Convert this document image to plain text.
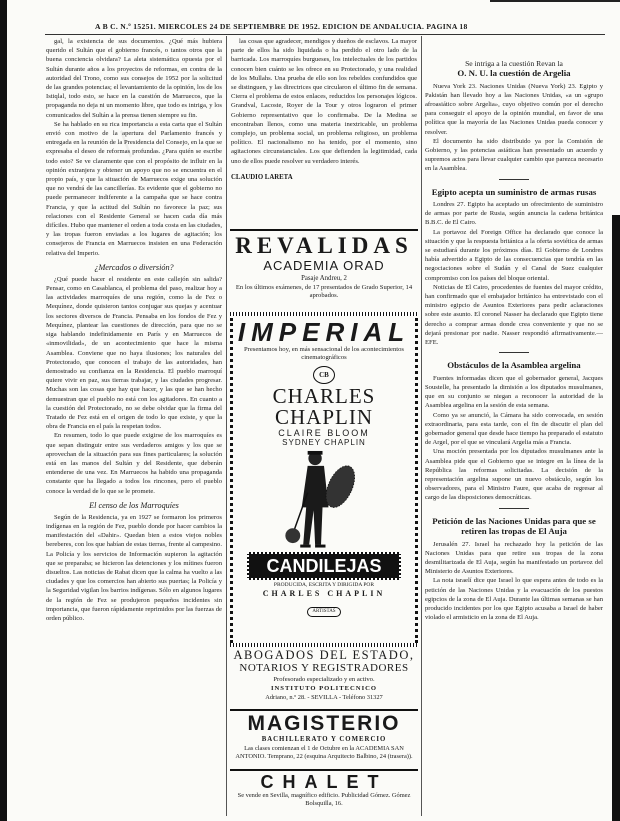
/
A B C. N.º 15251. MIERCOLES 24 DE SEPTIEMBRE DE 1952. EDICION DE ANDALUCIA. PAGINA 18

gal, la existencia de sus documentos. ¿Qué más hubiera querido el Sultán que el gobierno francés, o tantos otros que la buena conciencia olvidara? La aleta sistemática opuesta por el Sultán durante años a los proyectos de reformas, en contra de la autoridad del Trono, como sus consejos de 1952 por la solicitud de las grandes potencias; el levantamiento de la opinión, los de los Istiqlal, todo esto, se hace en la cuestión de Marruecos, que la propaganda no deja ni un momento libre, que todo es intriga, y los comunicados del Sultán a la prensa tienen siempre su fin.

Se ha hablado en su rica importancia a esta carta que el Sultán envió con motivo de la apertura del Parlamento francés y entregada en la reunión de la Presidencia del Consejo, en la que se expresaba el deseo de reformas profundas. ¿Para quién se escribe todo esto? Se ve claramente que con el propósito de influir en la opinión extranjera y obtener un apoyo que no se encuentra en el propio país, y que la situación de Marruecos exige una solución que no vendrá de las cancillerías. Es evidente que el gobierno no puede permanecer indiferente a la campaña que se hace contra Francia, y que la actitud del Sultán no favorece la paz; sus relaciones con el Residente General se hacen cada día más difíciles. Hubo que mantener el orden a toda costa en las ciudades, y las tropas fueron enviadas a los lugares de agitación; los consejeros de Francia en Marruecos insisten en una Federación relativa del Imperio.

¿Mercados o diversión?

¿Qué puede hacer el residente en este callejón sin salida? Pensar, como en Casablanca, el problema del paso, realizar hoy a las actividades marroquíes de una región, como la de Fez o Mequínez, donde quisieron tantos conjugar sus quejas y acentuar los sectores diversos de Francia. Pensaba en los fondos de Fez y Mequínez, plantear las cuestiones de dirección, para que no se siga hablando indefinidamente en París y en Marruecos de «inmovilidad», de un acontecimiento que hace la misma Asamblea. Conviene que no haya ilusiones; los naturales del Protectorado, que conocen el trabajo de las autoridades, han demostrado su confianza en la Residencia. El pueblo marroquí quiere vivir en paz, sus tierras trabajar, y las ciudades progresar. Muchas son las cosas que hay que hacer, y las que se han hecho demuestran que el pueblo no está con los agitadores. En cuanto a la cuestión del Protectorado, no se debe olvidar que la firma del Tratado de Fez está en el origen de todo lo que existe, y que la obra de Francia en el país la respetan todos.

En resumen, todo lo que puede exigirse de los marroquíes es que sepan distinguir entre sus verdaderos amigos y los que se aprovechan de la situación para sus fines particulares; la solución está en las manos del Sultán y del Residente, que deberán entenderse de una vez. En Marruecos ha habido una propaganda constante que ha llegado a todos los rincones, pero el pueblo conoce la verdad de lo que se le promete.

El censo de los Marroquíes

Según de la Residencia, ya en 1927 se formaron los primeros indígenas en la región de Fez, pueblo donde por hacer cambios la manifestación del «Dahir». Quedan bien a estos viejos nobles bereberes, con los que habían de estas tierras, frente al campesino. La Policía y los servicios de Información supieron la agitación que se preparaba; se hicieron las detenciones y los mítines fueron disueltos. Las noticias de Rabat dicen que la calma ha vuelto a las ciudades y que los comercios han abierto sus puertas; la Policía y la Seguridad vigilan los barrios indígenas. Sólo en algunos lugares de la región de Fez se produjeron pequeños incidentes sin importancia, que fueron rápidamente reprimidos por las fuerzas de orden público.

las cosas que agradecer, mendigos y dueños de esclavos. La mayor parte de ellos ha sido liquidada o ha perdido el otro lado de la barricada. Los marroquíes burgueses, los intelectuales de los partidos conocen bien cuánto se les ofrece en su Protectorado, y una realidad de los Mullahs. Una prueba de ello son los rebeldes confundidos que se distinguen, y las directrices que circularon el último fin de semana. Cierra el problema de estos enlaces, reducidos los personajes lógicos. Grandval, Lacoste, Royer de la Tour y otros lograron el primer Gobierno representativo que lo confirmaba. De la Medina se encontraban llenos, como una materia inextricable, un problema complejo, un problema social, un problema religioso, un problema político. El nacionalismo no ha tenido, por el momento, sino agitaciones circunstanciales. Los que defienden la legitimidad, cada uno de ellos puede resolver su verdadero interés.

CLAUDIO LARETA
REVALIDAS
ACADEMIA ORAD
Pasaje Andreu, 2
En los últimos exámenes, de 17 presentados de Grado Superior, 14 aprobados.
IMPERIAL
Presentamos hoy, en más sensacional de los acontecimientos cinematográficos
CB
CHARLES CHAPLIN
CLAIRE BLOOM
SYDNEY CHAPLIN
CANDILEJAS
PRODUCIDA, ESCRITA Y DIRIGIDA POR
CHARLES CHAPLIN
ARTISTAS
ABOGADOS DEL ESTADO,
NOTARIOS Y REGISTRADORES
Profesorado especializado y en activo.
INSTITUTO POLITECNICO
Adriano, n.º 28. - SEVILLA - Teléfono 31327
MAGISTERIO
BACHILLERATO Y COMERCIO
Las clases comienzan el 1 de Octubre en la ACADEMIA SAN ANTONIO. Temprano, 22 (esquina Arquitecto Balbino, 24 (trasera)).
CHALET
Se vende en Sevilla, magnífico edificio. Publicidad Gómez. Gómez Bolsquilla, 16.
Se intriga a la cuestión Revan la
O. N. U. la cuestión de Argelia

Nueva York 23. Naciones Unidas (Nueva York) 23. Egipto y Pakistán han llevado hoy a las Naciones Unidas, «a un «grupo afroasiático sobre Argelia», cuyo objetivo común por el derecho para conseguir el apoyo de la opinión mundial, en favor de una política que la mayoría de las Naciones Unidas pueda conocer y resolver.

El documento ha sido distribuido ya por la Comisión de Gobierno, y las potencias asiáticas han presentado un acuerdo y supremos actos para llevar cualquier cambio que parezca necesario en la Asamblea.

Egipto acepta un suministro de armas rusas

Londres 27. Egipto ha aceptado un ofrecimiento de suministro de armas por parte de Rusia, según anuncia la cadena británica B.B.C. de El Cairo.

La portavoz del Foreign Office ha declarado que conoce la situación y que la respuesta británica a la oferta soviética de armas se estudiará durante los próximos días. El Gobierno de Londres había advertido a Egipto de las consecuencias que tendría en las negociaciones sobre el Sudán y el Canal de Suez cualquier compromiso con los países del bloque oriental.

Noticias de El Cairo, procedentes de fuentes del mayor crédito, han confirmado que el embajador británico ha entrevistado con el ministro egipcio de Asuntos Exteriores para pedir aclaraciones sobre este asunto. El coronel Nasser ha declarado que Egipto tiene derecho a comprar armas donde crea conveniente y que no se dejará presionar por nadie. Nasser respondió afirmativamente.—EFE.

Obstáculos de la Asamblea argelina

Fuentes informadas dicen que el gobernador general, Jacques Soustelle, ha presentado la dimisión a los diputados musulmanes, que en su conjunto se niegan a reconocer la autoridad de la Asamblea argelina en la sesión de esta semana.

Como ya se anunció, la Cámara ha sido convocada, en sesión extraordinaria, para esta tarde, con el fin de discutir el plan del gobernador general que desde hace tiempo ha preparado el estatuto de Argel, por el que se vinculará Argelia más a Francia.

Una moción presentada por los diputados musulmanes ante la Asamblea pide que el Gobierno que se integre en la línea de la República las reformas solicitadas. La decisión de la representación argelina supone un nuevo obstáculo, según los observadores, para el Ministro Faure, que acaba de regresar al cargo de las disposiciones democráticas.

Petición de las Naciones Unidas para que se retiren las tropas de El Auja

Jerusalén 27. Israel ha rechazado hoy la petición de las Naciones Unidas para que retire sus tropas de la zona desmilitarizada de El Auja, según ha manifestado un portavoz del Ministerio de Asuntos Exteriores.

La nota israelí dice que Israel lo que espera antes de todo es la petición de las Naciones Unidas y la evacuación de los puestos egipcios de la zona de El Auja. Durante las últimas semanas se han producido incidentes por los que Egipto acusaba a Israel de haber violado el armisticio en la zona de El Auja.
